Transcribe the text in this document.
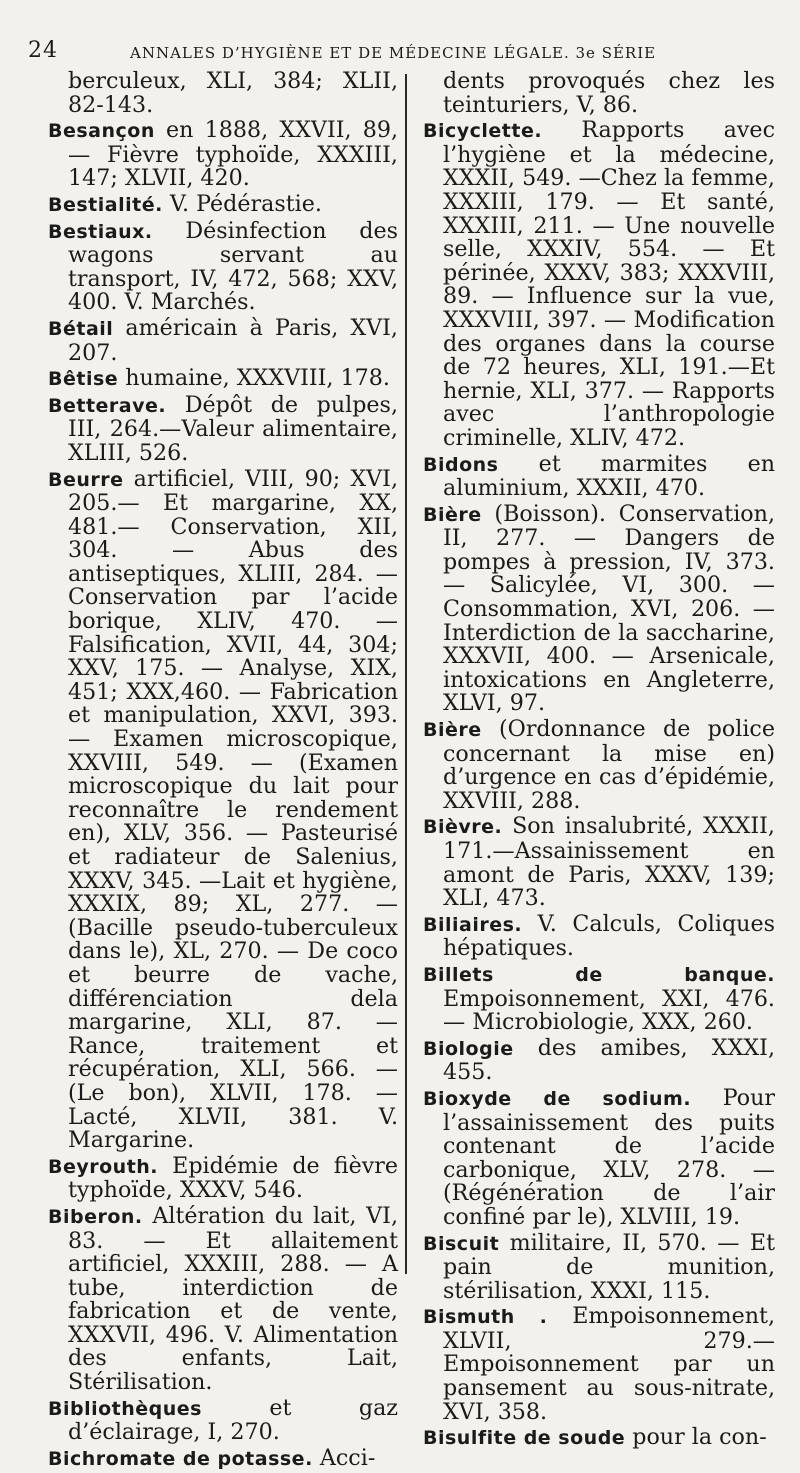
24	ANNALES D’HYGIÈNE ET DE MÉDECINE LÉGALE. 3e SÉRIE
berculeux, XLI, 384; XLII, 82-143.
Besançon en 1888, XXVII, 89, — Fièvre typhoïde, XXXIII, 147; XLVII, 420.
Bestialité. V. Pédérastie.
Bestiaux. Désinfection des wagons servant au transport, IV, 472, 568; XXV, 400. V. Marchés.
Bétail américain à Paris, XVI, 207.
Bêtise humaine, XXXVIII, 178.
Betterave. Dépôt de pulpes, III, 264.—Valeur alimentaire, XLIII, 526.
Beurre artificiel, VIII, 90; XVI, 205.— Et margarine, XX, 481.— Conservation, XII, 304. — Abus des antiseptiques, XLIII, 284. — Conservation par l’acide borique, XLIV, 470. — Falsification, XVII, 44, 304; XXV, 175. — Analyse, XIX, 451; XXX,460. — Fabrication et manipulation, XXVI, 393. — Examen microscopique, XXVIII, 549. — (Examen microscopique du lait pour reconnaître le rendement en), XLV, 356. — Pasteurisé et radiateur de Salenius, XXXV, 345. —Lait et hygiène, XXXIX, 89; XL, 277. — (Bacille pseudo-tuberculeux dans le), XL, 270. — De coco et beurre de vache, différenciation dela margarine, XLI, 87. — Rance, traitement et récupération, XLI, 566. — (Le bon), XLVII, 178. —Lacté, XLVII, 381. V. Margarine.
Beyrouth. Epidémie de fièvre typhoïde, XXXV, 546.
Biberon. Altération du lait, VI, 83. — Et allaitement artificiel, XXXIII, 288. — A tube, interdiction de fabrication et de vente, XXXVII, 496. V. Alimentation des enfants, Lait, Stérilisation.
Bibliothèques et gaz d’éclairage, I, 270.
Bichromate de potasse. Acci-
dents provoqués chez les teinturiers, V, 86.
Bicyclette. Rapports avec l’hygiène et la médecine, XXXII, 549. —Chez la femme, XXXIII, 179. — Et santé, XXXIII, 211. — Une nouvelle selle, XXXIV, 554. — Et périnée, XXXV, 383; XXXVIII, 89. — Influence sur la vue, XXXVIII, 397. — Modification des organes dans la course de 72 heures, XLI, 191.—Et hernie, XLI, 377. — Rapports avec l’anthropologie criminelle, XLIV, 472.
Bidons et marmites en aluminium, XXXII, 470.
Bière (Boisson). Conservation, II, 277. — Dangers de pompes à pression, IV, 373. — Salicylée, VI, 300. — Consommation, XVI, 206. — Interdiction de la saccharine, XXXVII, 400. — Arsenicale, intoxications en Angleterre, XLVI, 97.
Bière (Ordonnance de police concernant la mise en) d’urgence en cas d’épidémie, XXVIII, 288.
Bièvre. Son insalubrité, XXXII, 171.—Assainissement en amont de Paris, XXXV, 139; XLI, 473.
Biliaires. V. Calculs, Coliques hépatiques.
Billets de banque. Empoisonnement, XXI, 476. — Microbiologie, XXX, 260.
Biologie des amibes, XXXI, 455.
Bioxyde de sodium. Pour l’assainissement des puits contenant de l’acide carbonique, XLV, 278. — (Régénération de l’air confiné par le), XLVIII, 19.
Biscuit militaire, II, 570. — Et pain de munition, stérilisation, XXXI, 115.
Bismuth . Empoisonnement, XLVII, 279.— Empoisonnement par un pansement au sous-nitrate, XVI, 358.
Bisulfite de soude pour la con-
